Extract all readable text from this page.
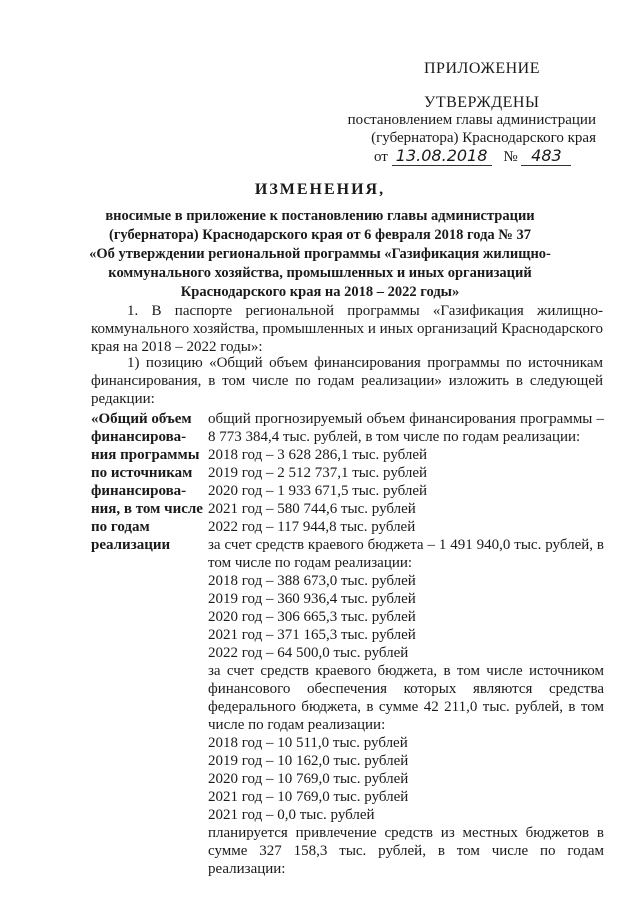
ПРИЛОЖЕНИЕ
УТВЕРЖДЕНЫ
постановлением главы администрации
(губернатора) Краснодарского края
от 13.08.2018 № 483
ИЗМЕНЕНИЯ,
вносимые в приложение к постановлению главы администрации
(губернатора) Краснодарского края от 6 февраля 2018 года № 37
«Об утверждении региональной программы «Газификация жилищно-
коммунального хозяйства, промышленных и иных организаций
Краснодарского края на 2018 – 2022 годы»

1. В паспорте региональной программы «Газификация жилищно-коммунального хозяйства, промышленных и иных организаций Краснодарского края на 2018 – 2022 годы»:

1) позицию «Общий объем финансирования программы по источникам финансирования, в том числе по годам реализации» изложить в следующей редакции:

«Общий объем
финансирова-
ния программы
по источникам
финансирова-
ния, в том числе
по годам
реализации
общий прогнозируемый объем финансирования программы – 8 773 384,4 тыс. рублей, в том числе по годам реализации:
2018 год – 3 628 286,1 тыс. рублей
2019 год – 2 512 737,1 тыс. рублей
2020 год – 1 933 671,5 тыс. рублей
2021 год – 580 744,6 тыс. рублей
2022 год – 117 944,8 тыс. рублей
за счет средств краевого бюджета – 1 491 940,0 тыс. рублей, в том числе по годам реализации:
2018 год – 388 673,0 тыс. рублей
2019 год – 360 936,4 тыс. рублей
2020 год – 306 665,3 тыс. рублей
2021 год – 371 165,3 тыс. рублей
2022 год – 64 500,0 тыс. рублей
за счет средств краевого бюджета, в том числе источником финансового обеспечения которых являются средства федерального бюджета, в сумме 42 211,0 тыс. рублей, в том числе по годам реализации:
2018 год – 10 511,0 тыс. рублей
2019 год – 10 162,0 тыс. рублей
2020 год – 10 769,0 тыс. рублей
2021 год – 10 769,0 тыс. рублей
2021 год – 0,0 тыс. рублей
планируется привлечение средств из местных бюджетов в сумме 327 158,3 тыс. рублей, в том числе по годам реализации:
